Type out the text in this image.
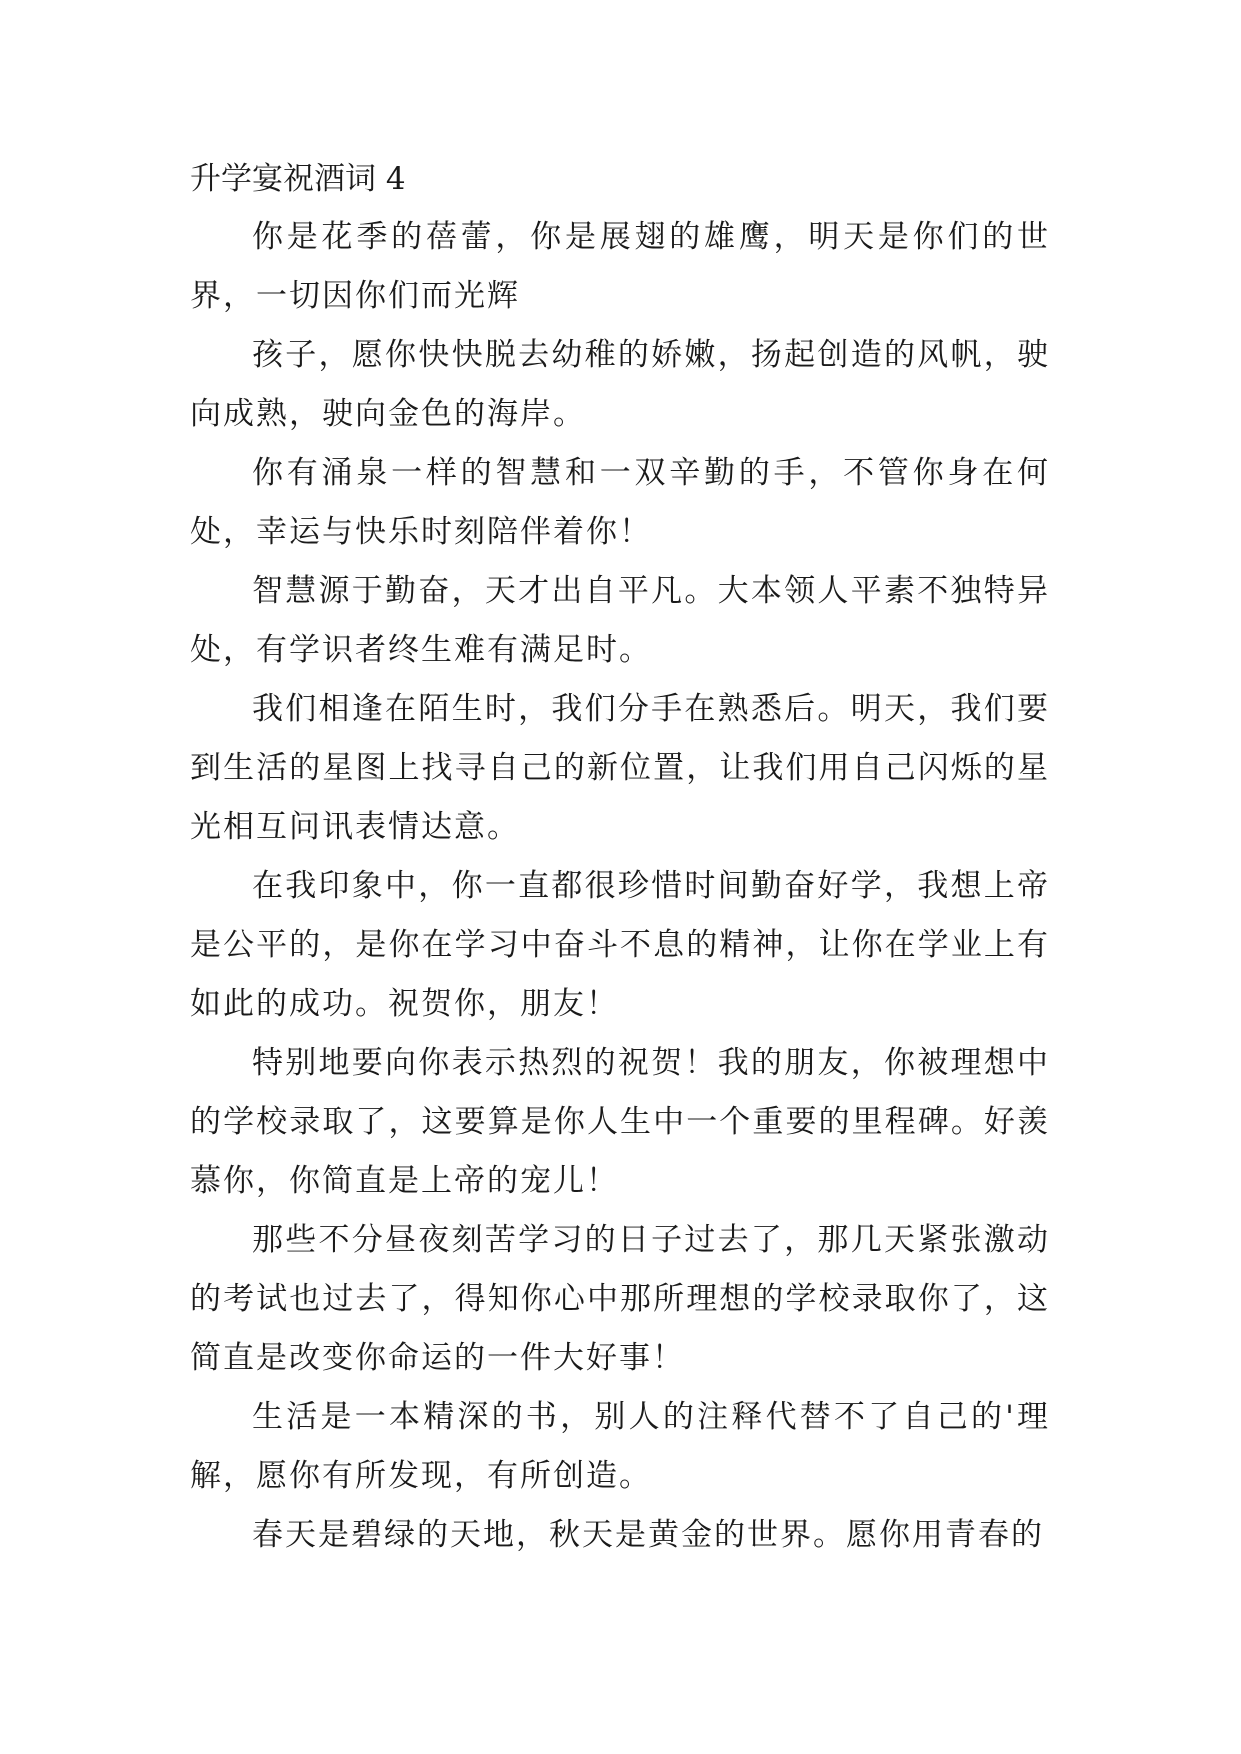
升学宴祝酒词 4

你是花季的蓓蕾，你是展翅的雄鹰，明天是你们的世界，一切因你们而光辉

孩子，愿你快快脱去幼稚的娇嫩，扬起创造的风帆，驶向成熟，驶向金色的海岸。

你有涌泉一样的智慧和一双辛勤的手，不管你身在何处，幸运与快乐时刻陪伴着你！

智慧源于勤奋，天才出自平凡。大本领人平素不独特异处，有学识者终生难有满足时。

我们相逢在陌生时，我们分手在熟悉后。明天，我们要到生活的星图上找寻自己的新位置，让我们用自己闪烁的星光相互问讯表情达意。

在我印象中，你一直都很珍惜时间勤奋好学，我想上帝是公平的，是你在学习中奋斗不息的精神，让你在学业上有如此的成功。祝贺你，朋友！

特别地要向你表示热烈的祝贺！我的朋友，你被理想中的学校录取了，这要算是你人生中一个重要的里程碑。好羡慕你，你简直是上帝的宠儿！

那些不分昼夜刻苦学习的日子过去了，那几天紧张激动的考试也过去了，得知你心中那所理想的学校录取你了，这简直是改变你命运的一件大好事！

生活是一本精深的书，别人的注释代替不了自己的'理解，愿你有所发现，有所创造。

春天是碧绿的天地，秋天是黄金的世界。愿你用青春的
